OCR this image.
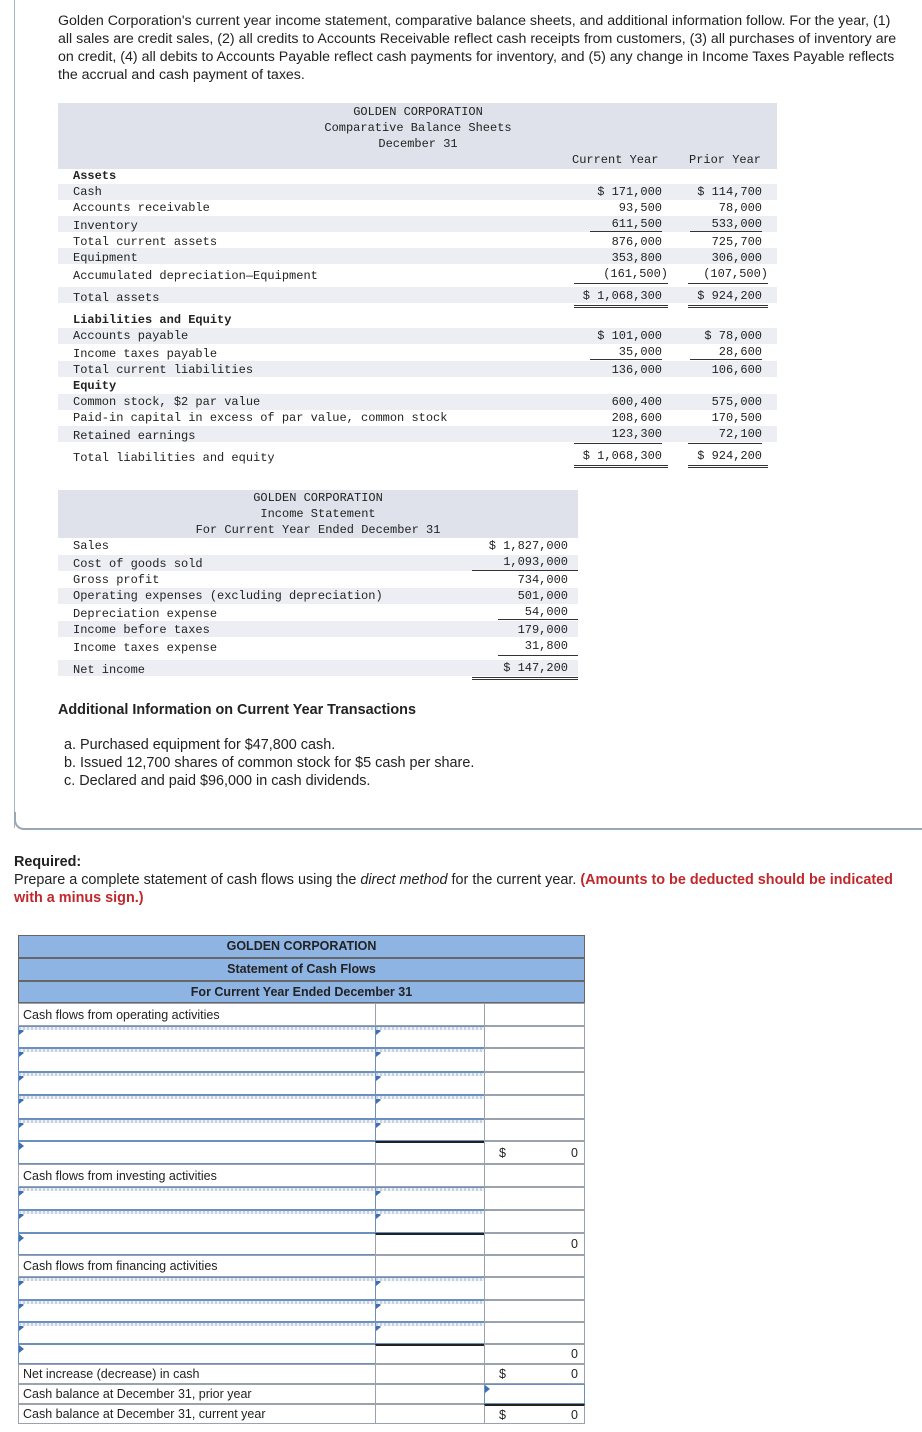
Golden Corporation's current year income statement, comparative balance sheets, and additional information follow. For the year, (1) all sales are credit sales, (2) all credits to Accounts Receivable reflect cash receipts from customers, (3) all purchases of inventory are on credit, (4) all debits to Accounts Payable reflect cash payments for inventory, and (5) any change in Income Taxes Payable reflects the accrual and cash payment of taxes.
GOLDEN CORPORATION
Comparative Balance Sheets
December 31
Current Year	Prior Year
Assets
Cash	$ 171,000	$ 114,700
Accounts receivable	93,500	78,000
Inventory	611,500	533,000
Total current assets	876,000	725,700
Equipment	353,800	306,000
Accumulated depreciation—Equipment	(161,500)	(107,500)
Total assets	$ 1,068,300	$ 924,200
Liabilities and Equity
Accounts payable	$ 101,000	$ 78,000
Income taxes payable	35,000	28,600
Total current liabilities	136,000	106,600
Equity
Common stock, $2 par value	600,400	575,000
Paid-in capital in excess of par value, common stock	208,600	170,500
Retained earnings	123,300	72,100
Total liabilities and equity	$ 1,068,300	$ 924,200
GOLDEN CORPORATION
Income Statement
For Current Year Ended December 31
Sales	$ 1,827,000
Cost of goods sold	1,093,000
Gross profit	734,000
Operating expenses (excluding depreciation)	501,000
Depreciation expense	54,000
Income before taxes	179,000
Income taxes expense	31,800
Net income	$ 147,200
Additional Information on Current Year Transactions
a. Purchased equipment for $47,800 cash.
b. Issued 12,700 shares of common stock for $5 cash per share.
c. Declared and paid $96,000 in cash dividends.
Required:
Prepare a complete statement of cash flows using the direct method for the current year. (Amounts to be deducted should be indicated with a minus sign.)
GOLDEN CORPORATION
Statement of Cash Flows
For Current Year Ended December 31
Cash flows from operating activities
$	0
Cash flows from investing activities
0
Cash flows from financing activities
0
Net increase (decrease) in cash	$	0
Cash balance at December 31, prior year
Cash balance at December 31, current year	$	0
